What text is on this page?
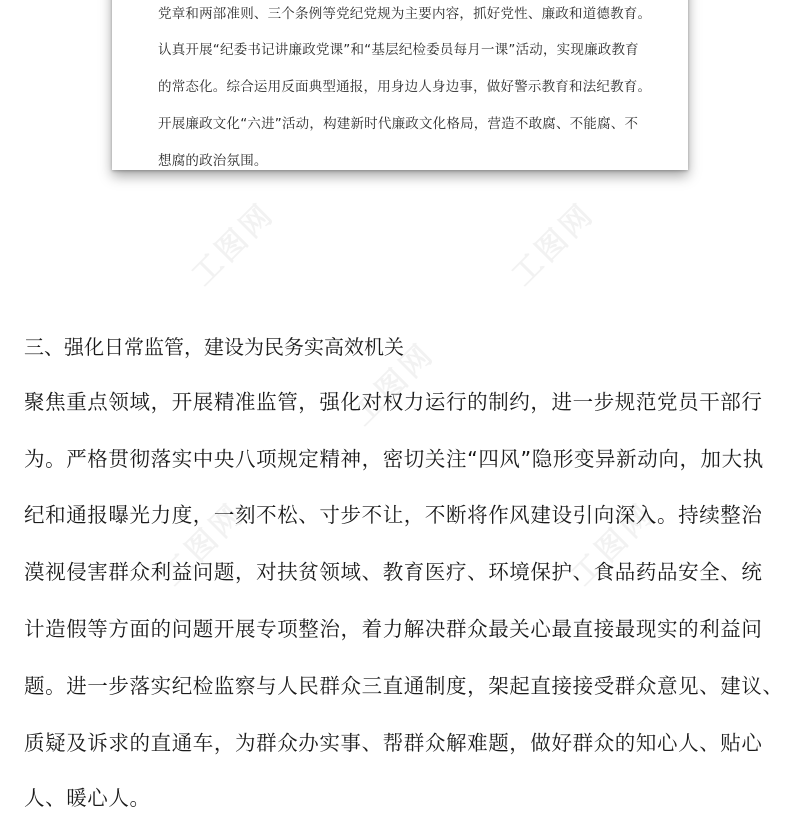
工图网	工图网
工图网
工图网	工图网
党章和两部准则、三个条例等党纪党规为主要内容，抓好党性、廉政和道德教育。
认真开展“纪委书记讲廉政党课”和“基层纪检委员每月一课”活动，实现廉政教育
的常态化。综合运用反面典型通报，用身边人身边事，做好警示教育和法纪教育。
开展廉政文化“六进”活动，构建新时代廉政文化格局，营造不敢腐、不能腐、不
想腐的政治氛围。
三、强化日常监管，建设为民务实高效机关
聚焦重点领域，开展精准监管，强化对权力运行的制约，进一步规范党员干部行
为。严格贯彻落实中央八项规定精神，密切关注“四风”隐形变异新动向，加大执
纪和通报曝光力度，一刻不松、寸步不让，不断将作风建设引向深入。持续整治
漠视侵害群众利益问题，对扶贫领域、教育医疗、环境保护、食品药品安全、统
计造假等方面的问题开展专项整治，着力解决群众最关心最直接最现实的利益问
题。进一步落实纪检监察与人民群众三直通制度，架起直接接受群众意见、建议、
质疑及诉求的直通车，为群众办实事、帮群众解难题，做好群众的知心人、贴心
人、暖心人。
